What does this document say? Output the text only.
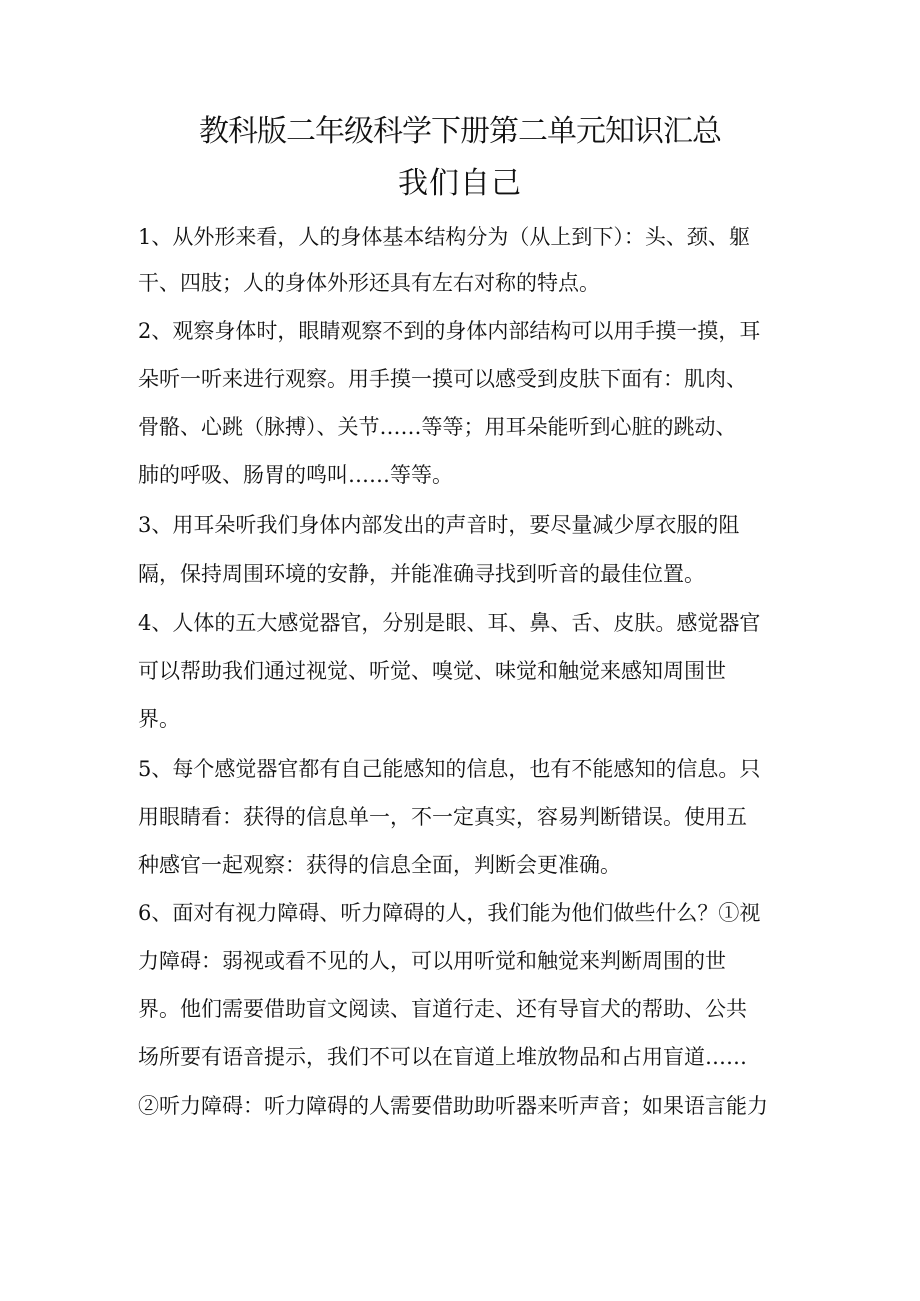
教科版二年级科学下册第二单元知识汇总
我们自己
1、从外形来看，人的身体基本结构分为（从上到下）：头、颈、躯
干、四肢；人的身体外形还具有左右对称的特点。
2、观察身体时，眼睛观察不到的身体内部结构可以用手摸一摸，耳
朵听一听来进行观察。用手摸一摸可以感受到皮肤下面有：肌肉、
骨骼、心跳（脉搏）、关节……等等；用耳朵能听到心脏的跳动、
肺的呼吸、肠胃的鸣叫……等等。
3、用耳朵听我们身体内部发出的声音时，要尽量减少厚衣服的阻
隔，保持周围环境的安静，并能准确寻找到听音的最佳位置。
4、人体的五大感觉器官，分别是眼、耳、鼻、舌、皮肤。感觉器官
可以帮助我们通过视觉、听觉、嗅觉、味觉和触觉来感知周围世
界。
5、每个感觉器官都有自己能感知的信息，也有不能感知的信息。只
用眼睛看：获得的信息单一，不一定真实，容易判断错误。使用五
种感官一起观察：获得的信息全面，判断会更准确。
6、面对有视力障碍、听力障碍的人，我们能为他们做些什么？①视
力障碍：弱视或看不见的人，可以用听觉和触觉来判断周围的世
界。他们需要借助盲文阅读、盲道行走、还有导盲犬的帮助、公共
场所要有语音提示，我们不可以在盲道上堆放物品和占用盲道……
②听力障碍：听力障碍的人需要借助助听器来听声音；如果语言能力
